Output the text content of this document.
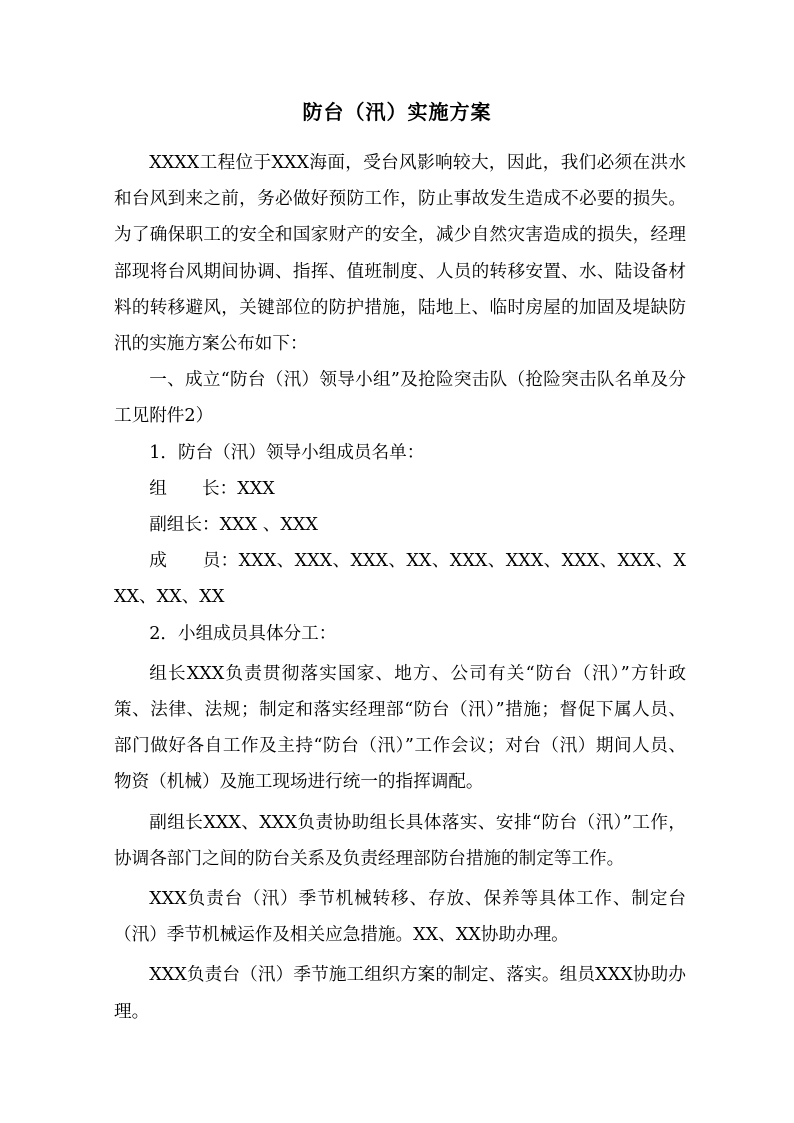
防台（汛）实施方案

XXXX工程位于XXX海面，受台风影响较大，因此，我们必须在洪水和台风到来之前，务必做好预防工作，防止事故发生造成不必要的损失。为了确保职工的安全和国家财产的安全，减少自然灾害造成的损失，经理部现将台风期间协调、指挥、值班制度、人员的转移安置、水、陆设备材料的转移避风，关键部位的防护措施，陆地上、临时房屋的加固及堤缺防汛的实施方案公布如下：

一、成立“防台（汛）领导小组”及抢险突击队（抢险突击队名单及分工见附件2）

1．防台（汛）领导小组成员名单：

组 长：XXX
副组长：XXX 、XXX

成 员：XXX、XXX、XXX、XX、XXX、XXX、XXX、XXX、XXX、XX、XX

2．小组成员具体分工：

组长XXX负责贯彻落实国家、地方、公司有关“防台（汛）”方针政策、法律、法规；制定和落实经理部“防台（汛）”措施；督促下属人员、部门做好各自工作及主持“防台（汛）”工作会议；对台（汛）期间人员、物资（机械）及施工现场进行统一的指挥调配。

副组长XXX、XXX负责协助组长具体落实、安排“防台（汛）”工作，协调各部门之间的防台关系及负责经理部防台措施的制定等工作。

XXX负责台（汛）季节机械转移、存放、保养等具体工作、制定台（汛）季节机械运作及相关应急措施。XX、XX协助办理。

XXX负责台（汛）季节施工组织方案的制定、落实。组员XXX协助办理。
